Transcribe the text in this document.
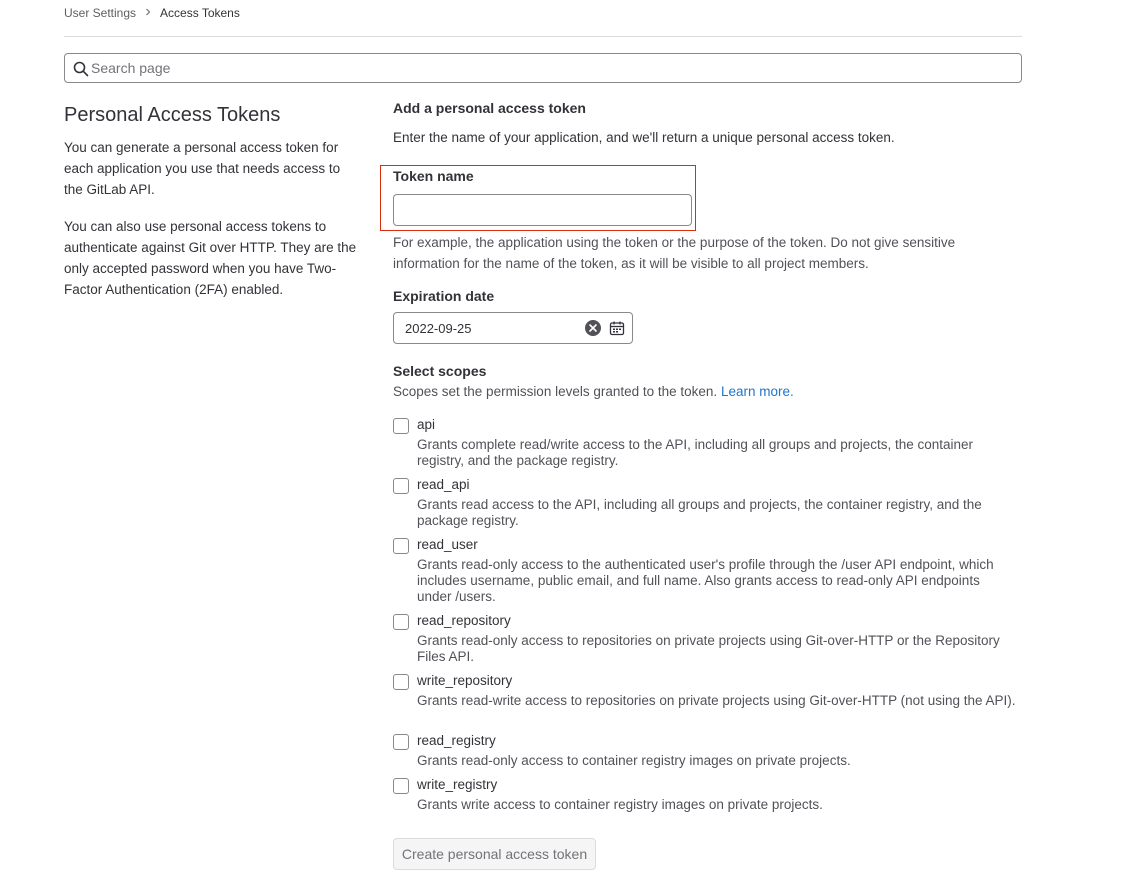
User Settings Access Tokens
Search page
Personal Access Tokens

You can generate a personal access token for each application you use that needs access to the GitLab API.

You can also use personal access tokens to authenticate against Git over HTTP. They are the only accepted password when you have Two-Factor Authentication (2FA) enabled.

Add a personal access token
Enter the name of your application, and we'll return a unique personal access token.
Token name
For example, the application using the token or the purpose of the token. Do not give sensitive information for the name of the token, as it will be visible to all project members.
Expiration date
2022-09-25
Select scopes
Scopes set the permission levels granted to the token. Learn more.
api
Grants complete read/write access to the API, including all groups and projects, the container registry, and the package registry.
read_api
Grants read access to the API, including all groups and projects, the container registry, and the package registry.
read_user
Grants read-only access to the authenticated user's profile through the /user API endpoint, which includes username, public email, and full name. Also grants access to read-only API endpoints under /users.
read_repository
Grants read-only access to repositories on private projects using Git-over-HTTP or the Repository Files API.
write_repository
Grants read-write access to repositories on private projects using Git-over-HTTP (not using the API).
read_registry
Grants read-only access to container registry images on private projects.
write_registry
Grants write access to container registry images on private projects.
Create personal access token
